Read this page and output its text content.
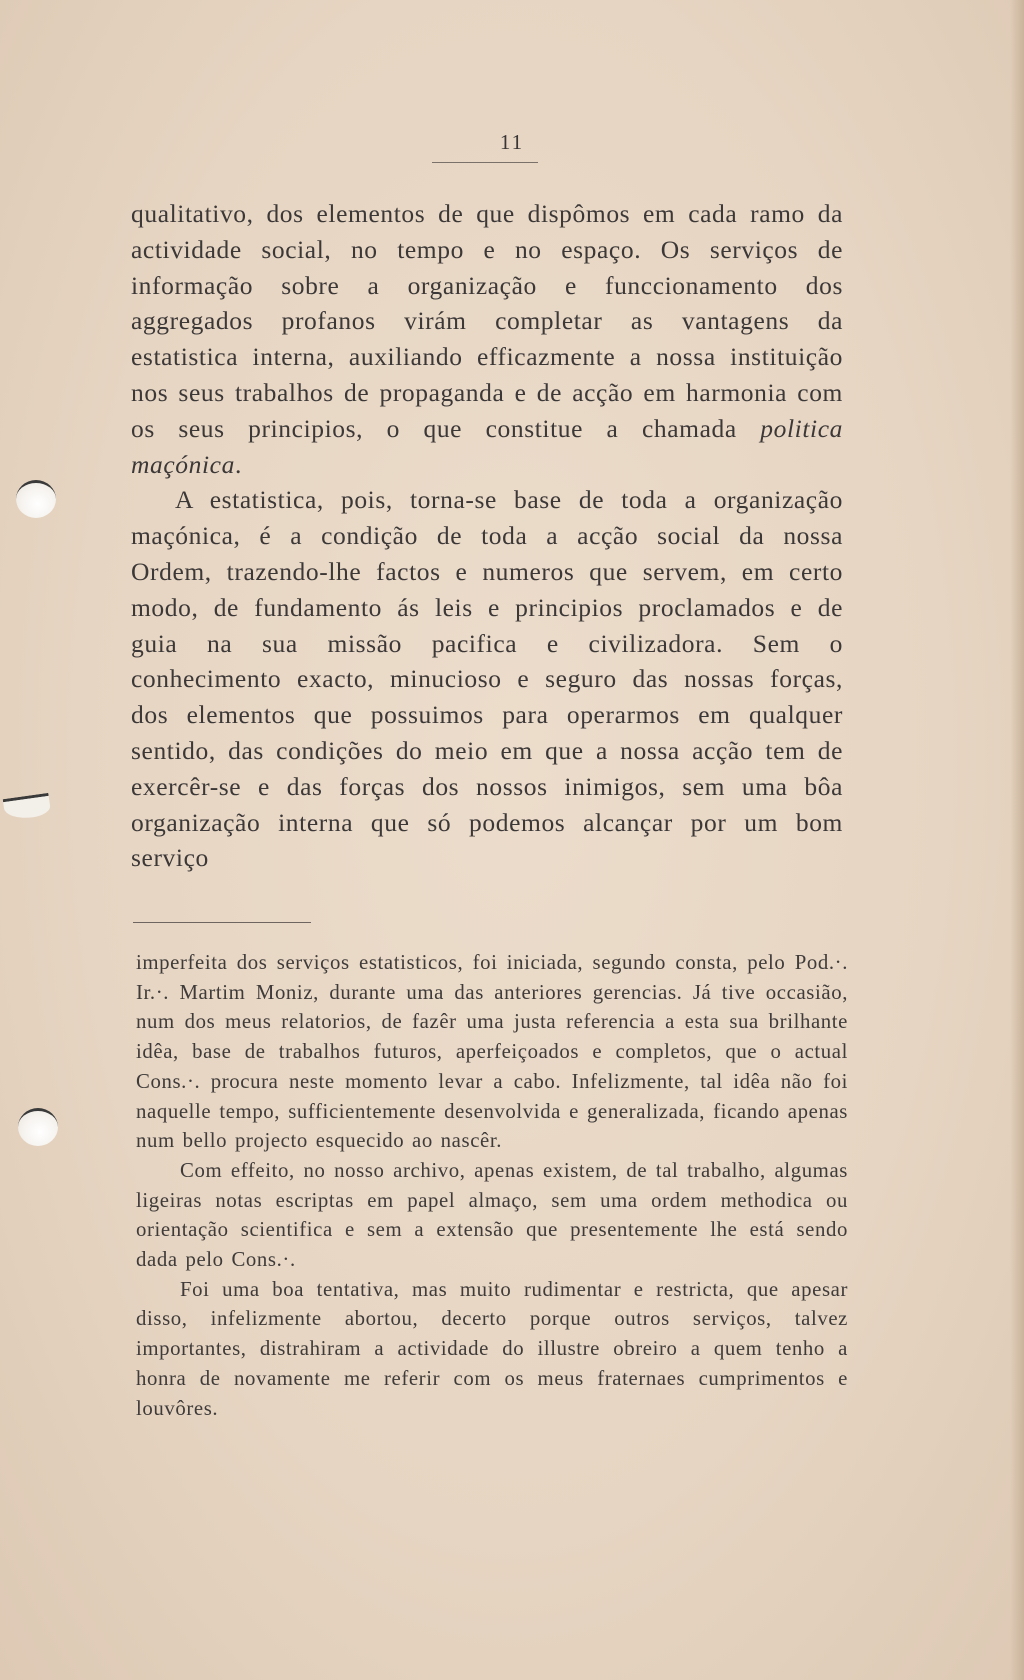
11

qualitativo, dos elementos de que dispômos em cada ramo da actividade social, no tempo e no espaço. Os serviços de informação sobre a organização e funccionamento dos aggregados profanos virám completar as vantagens da estatistica interna, auxiliando efficazmente a nossa instituição nos seus trabalhos de propaganda e de acção em harmonia com os seus principios, o que constitue a chamada politica maçónica.

A estatistica, pois, torna-se base de toda a organização maçónica, é a condição de toda a acção social da nossa Ordem, trazendo-lhe factos e numeros que servem, em certo modo, de fundamento ás leis e principios proclamados e de guia na sua missão pacifica e civilizadora. Sem o conhecimento exacto, minucioso e seguro das nossas forças, dos elementos que possuimos para operarmos em qualquer sentido, das condições do meio em que a nossa acção tem de exercêr-se e das forças dos nossos inimigos, sem uma bôa organização interna que só podemos alcançar por um bom serviço

imperfeita dos serviços estatisticos, foi iniciada, segundo consta, pelo Pod.·. Ir.·. Martim Moniz, durante uma das anteriores gerencias. Já tive occasião, num dos meus relatorios, de fazêr uma justa referencia a esta sua brilhante idêa, base de trabalhos futuros, aperfeiçoados e completos, que o actual Cons.·. procura neste momento levar a cabo. Infelizmente, tal idêa não foi naquelle tempo, sufficientemente desenvolvida e generalizada, ficando apenas num bello projecto esquecido ao nascêr.

Com effeito, no nosso archivo, apenas existem, de tal trabalho, algumas ligeiras notas escriptas em papel almaço, sem uma ordem methodica ou orientação scientifica e sem a extensão que presentemente lhe está sendo dada pelo Cons.·.

Foi uma boa tentativa, mas muito rudimentar e restricta, que apesar disso, infelizmente abortou, decerto porque outros serviços, talvez importantes, distrahiram a actividade do illustre obreiro a quem tenho a honra de novamente me referir com os meus fraternaes cumprimentos e louvôres.
